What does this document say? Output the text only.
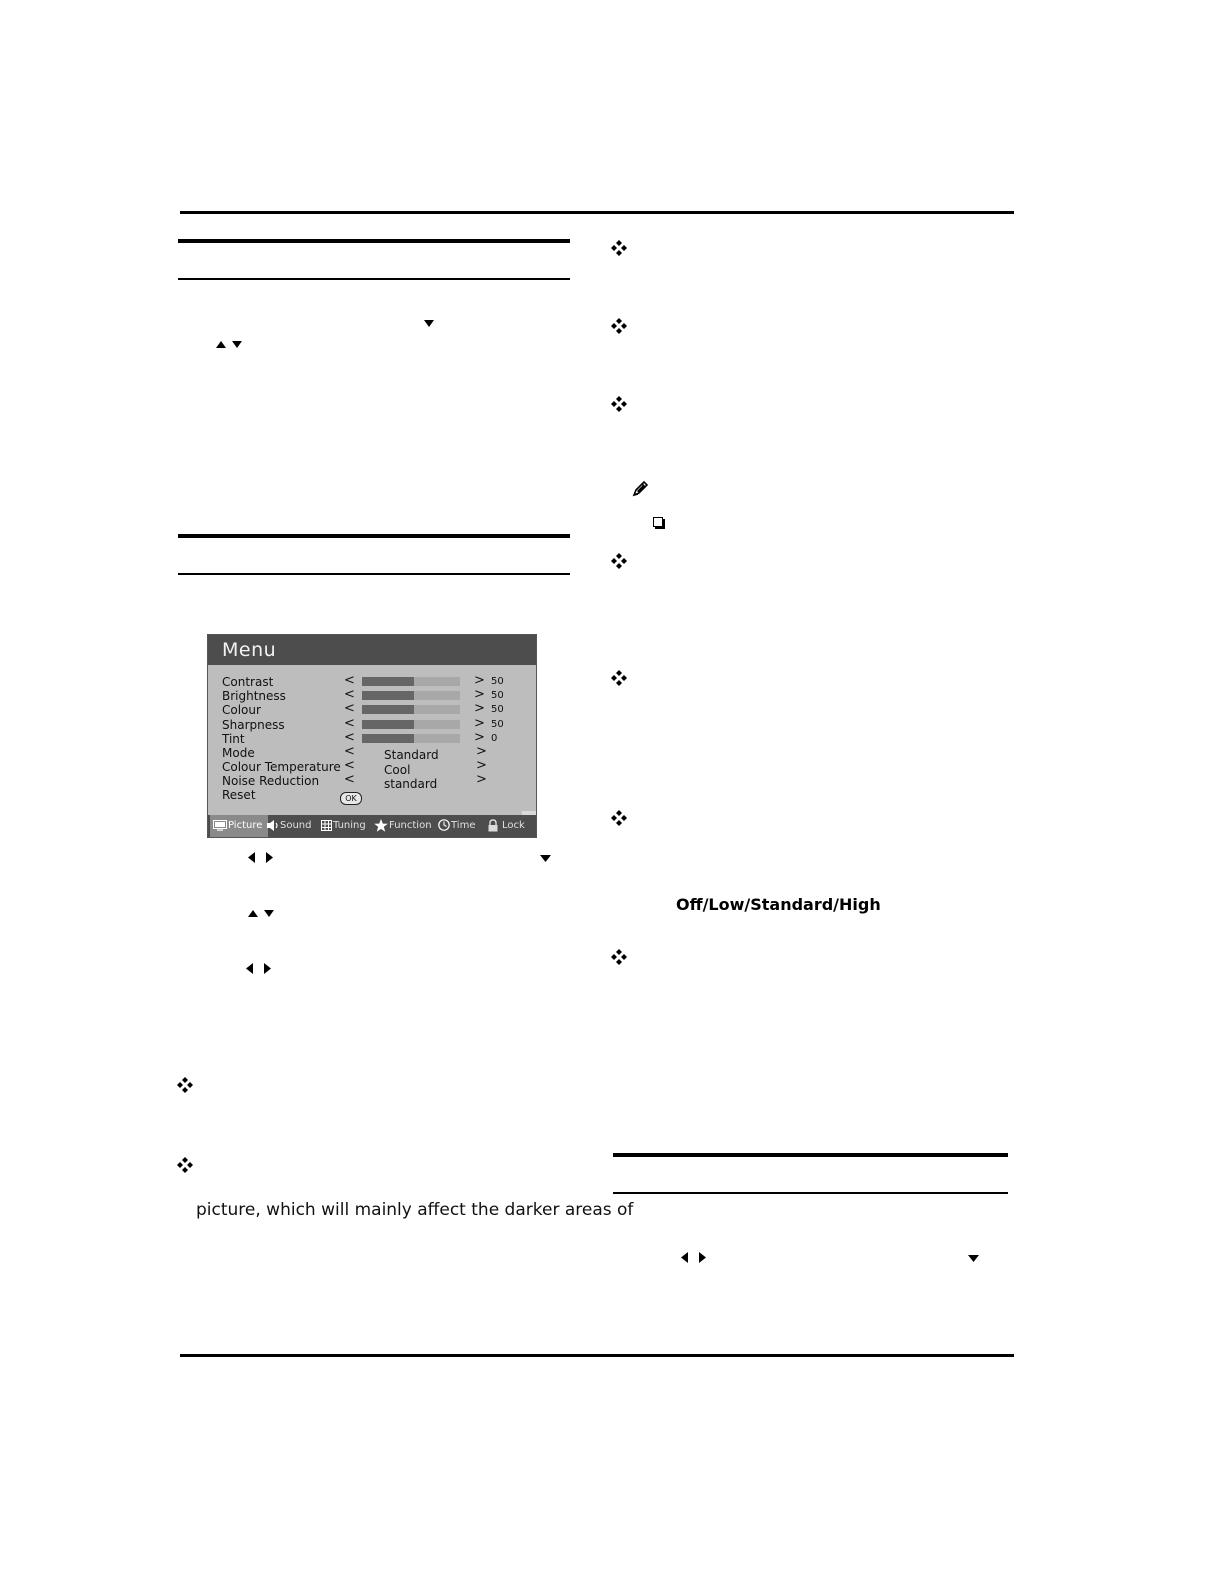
Off/Low/Standard/High
picture, which will mainly affect the darker areas of
Menu
Contrast	<	> 50
Brightness	<	> 50
Colour	<	> 50
Sharpness	<	> 50
Tint	<	> 0
Mode	< Standard	>
Colour Temperature < Cool	>
Noise Reduction < standard	>
Reset	OK
Picture	Sound	Tuning	Function	Time	Lock
